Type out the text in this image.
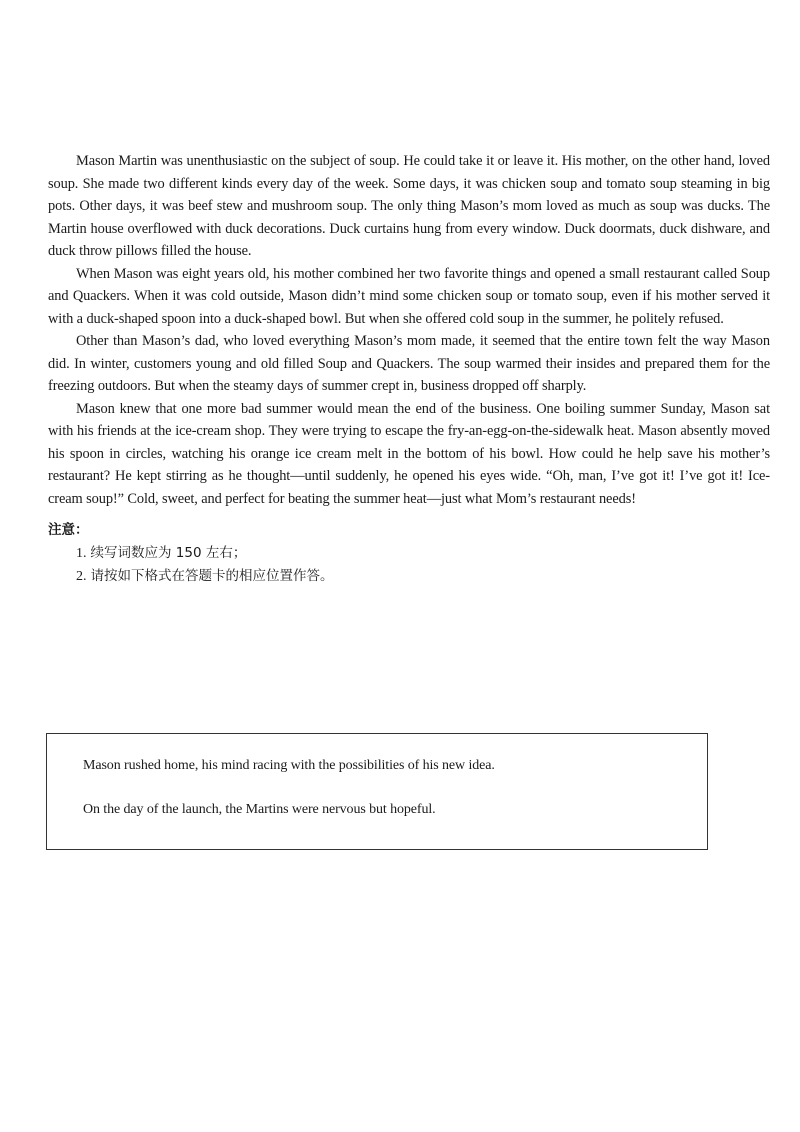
Mason Martin was unenthusiastic on the subject of soup. He could take it or leave it. His mother, on the other hand, loved soup. She made two different kinds every day of the week. Some days, it was chicken soup and tomato soup steaming in big pots. Other days, it was beef stew and mushroom soup. The only thing Mason’s mom loved as much as soup was ducks. The Martin house overflowed with duck decorations. Duck curtains hung from every window. Duck doormats, duck dishware, and duck throw pillows filled the house.

When Mason was eight years old, his mother combined her two favorite things and opened a small restaurant called Soup and Quackers. When it was cold outside, Mason didn’t mind some chicken soup or tomato soup, even if his mother served it with a duck-shaped spoon into a duck-shaped bowl. But when she offered cold soup in the summer, he politely refused.

Other than Mason’s dad, who loved everything Mason’s mom made, it seemed that the entire town felt the way Mason did. In winter, customers young and old filled Soup and Quackers. The soup warmed their insides and prepared them for the freezing outdoors. But when the steamy days of summer crept in, business dropped off sharply.

Mason knew that one more bad summer would mean the end of the business. One boiling summer Sunday, Mason sat with his friends at the ice-cream shop. They were trying to escape the fry-an-egg-on-the-sidewalk heat. Mason absently moved his spoon in circles, watching his orange ice cream melt in the bottom of his bowl. How could he help save his mother’s restaurant? He kept stirring as he thought—until suddenly, he opened his eyes wide. “Oh, man, I’ve got it! I’ve got it! Ice-cream soup!” Cold, sweet, and perfect for beating the summer heat—just what Mom’s restaurant needs!

注意：
1. 续写词数应为 150 左右；
2. 请按如下格式在答题卡的相应位置作答。
Mason rushed home, his mind racing with the possibilities of his new idea.
On the day of the launch, the Martins were nervous but hopeful.
